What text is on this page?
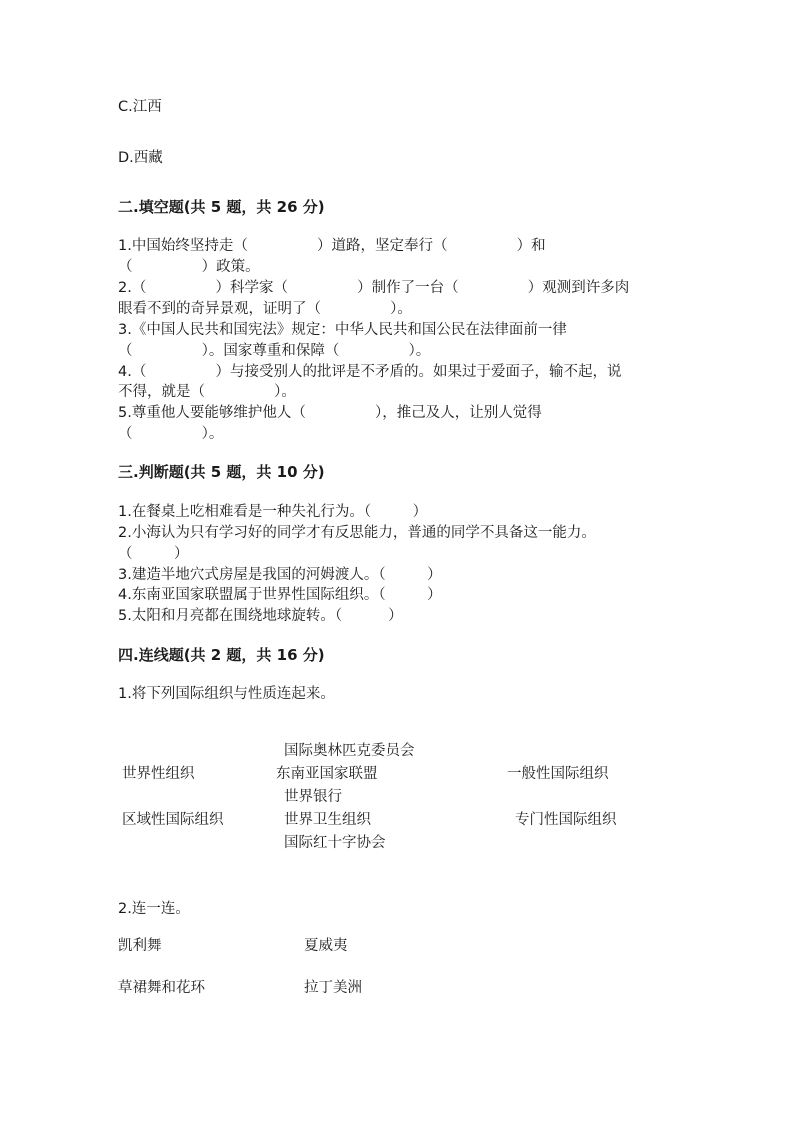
C.江西
D.西藏
二.填空题(共 5 题，共 26 分)
1.中国始终坚持走（               ）道路，坚定奉行（               ）和
（               ）政策。
2.（               ）科学家（               ）制作了一台（               ）观测到许多肉
眼看不到的奇异景观，证明了（               ）。
3.《中国人民共和国宪法》规定：中华人民共和国公民在法律面前一律
（               ）。国家尊重和保障（               ）。
4.（               ）与接受别人的批评是不矛盾的。如果过于爱面子，输不起，说
不得，就是（               ）。
5.尊重他人要能够维护他人（               ），推己及人，让别人觉得
（               ）。
三.判断题(共 5 题，共 10 分)
1.在餐桌上吃相难看是一种失礼行为。（         ）
2.小海认为只有学习好的同学才有反思能力，普通的同学不具备这一能力。
（         ）
3.建造半地穴式房屋是我国的河姆渡人。（         ）
4.东南亚国家联盟属于世界性国际组织。（         ）
5.太阳和月亮都在围绕地球旋转。（          ）
四.连线题(共 2 题，共 16 分)
1.将下列国际组织与性质连起来。
国际奥林匹克委员会
世界性组织	东南亚国家联盟	一般性国际组织
世界银行
区域性国际组织	世界卫生组织	专门性国际组织
国际红十字协会
2.连一连。
凯利舞	夏威夷
草裙舞和花环	拉丁美洲
